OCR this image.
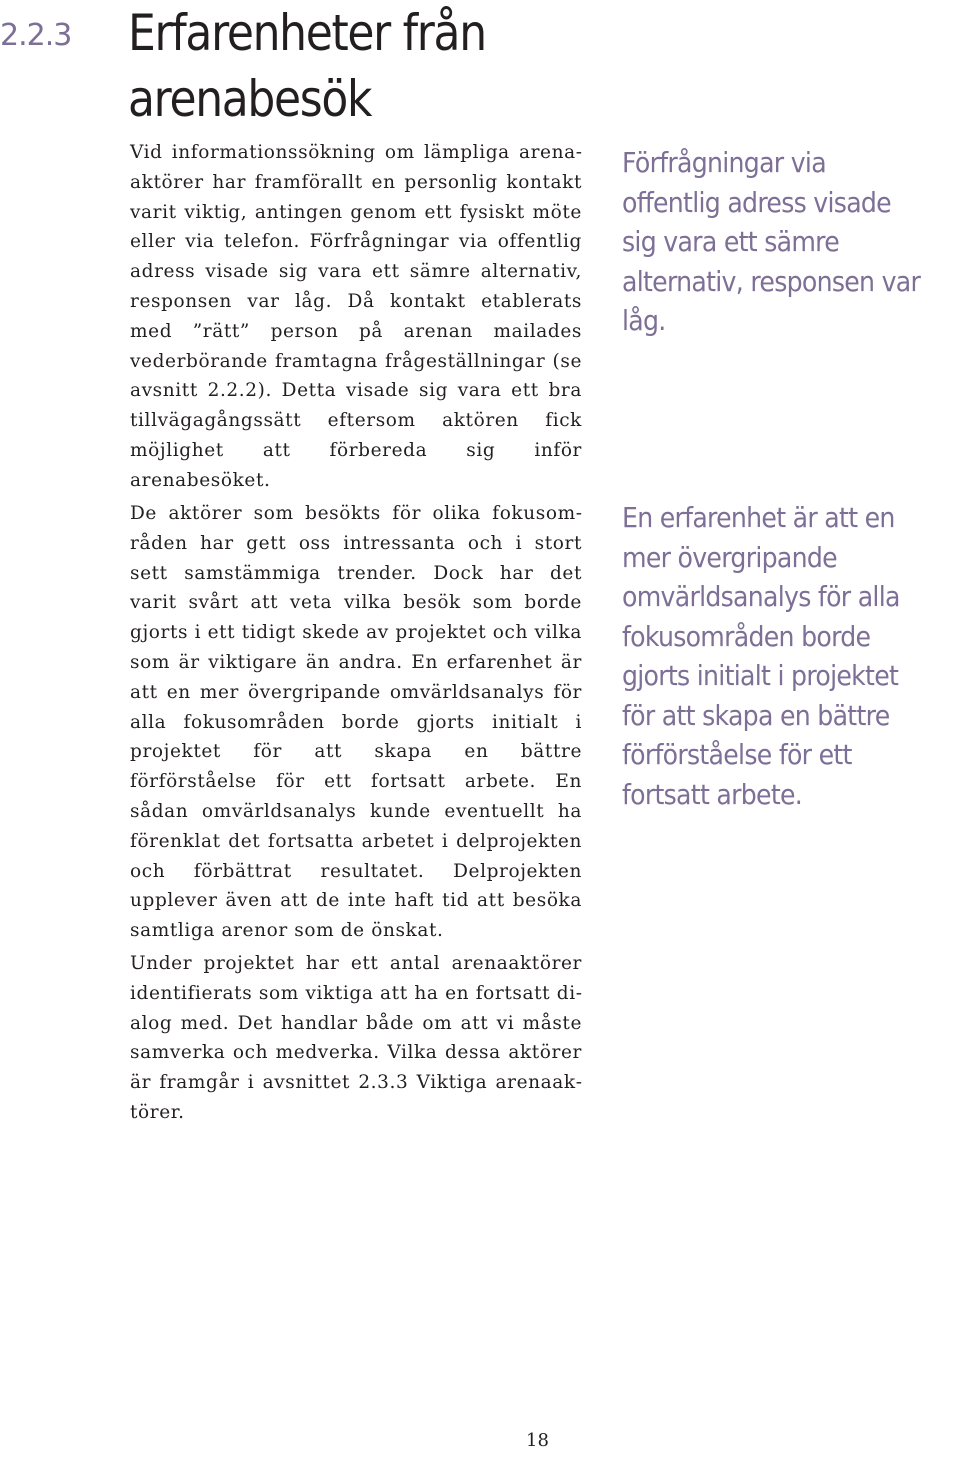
2.2.3 Erfarenheter från arenabesök

Vid informationssökning om lämpliga arenaaktörer har framförallt en personlig kontakt varit viktig, antingen genom ett fysiskt möte eller via telefon. Förfrågningar via offentlig adress visade sig vara ett sämre alternativ, responsen var låg. Då kontakt etablerats med ”rätt” person på arenan mailades vederbörande framtagna frågeställningar (se avsnitt 2.2.2). Detta visade sig vara ett bra tillvägagångssätt eftersom aktören fick möjlighet att förbereda sig inför arenabesöket.

De aktörer som besökts för olika fokusområden har gett oss intressanta och i stort sett samstämmiga trender. Dock har det varit svårt att veta vilka besök som borde gjorts i ett tidigt skede av projektet och vilka som är viktigare än andra. En erfarenhet är att en mer övergripande omvärldsanalys för alla fokusområden borde gjorts initialt i projektet för att skapa en bättre förförståelse för ett fortsatt arbete. En sådan omvärldsanalys kunde eventuellt ha förenklat det fortsatta arbetet i delprojekten och förbättrat resultatet. Delprojekten upplever även att de inte haft tid att besöka samtliga arenor som de önskat.

Under projektet har ett antal arenaaktörer identifierats som viktiga att ha en fortsatt dialog med. Det handlar både om att vi måste samverka och medverka. Vilka dessa aktörer är framgår i avsnittet 2.3.3 Viktiga arenaaktörer.

Förfrågningar via offentlig adress visade sig vara ett sämre alternativ, responsen var låg.

En erfarenhet är att en mer övergripande omvärldsanalys för alla fokusområden borde gjorts initialt i projektet för att skapa en bättre förförståelse för ett fortsatt arbete.

18
